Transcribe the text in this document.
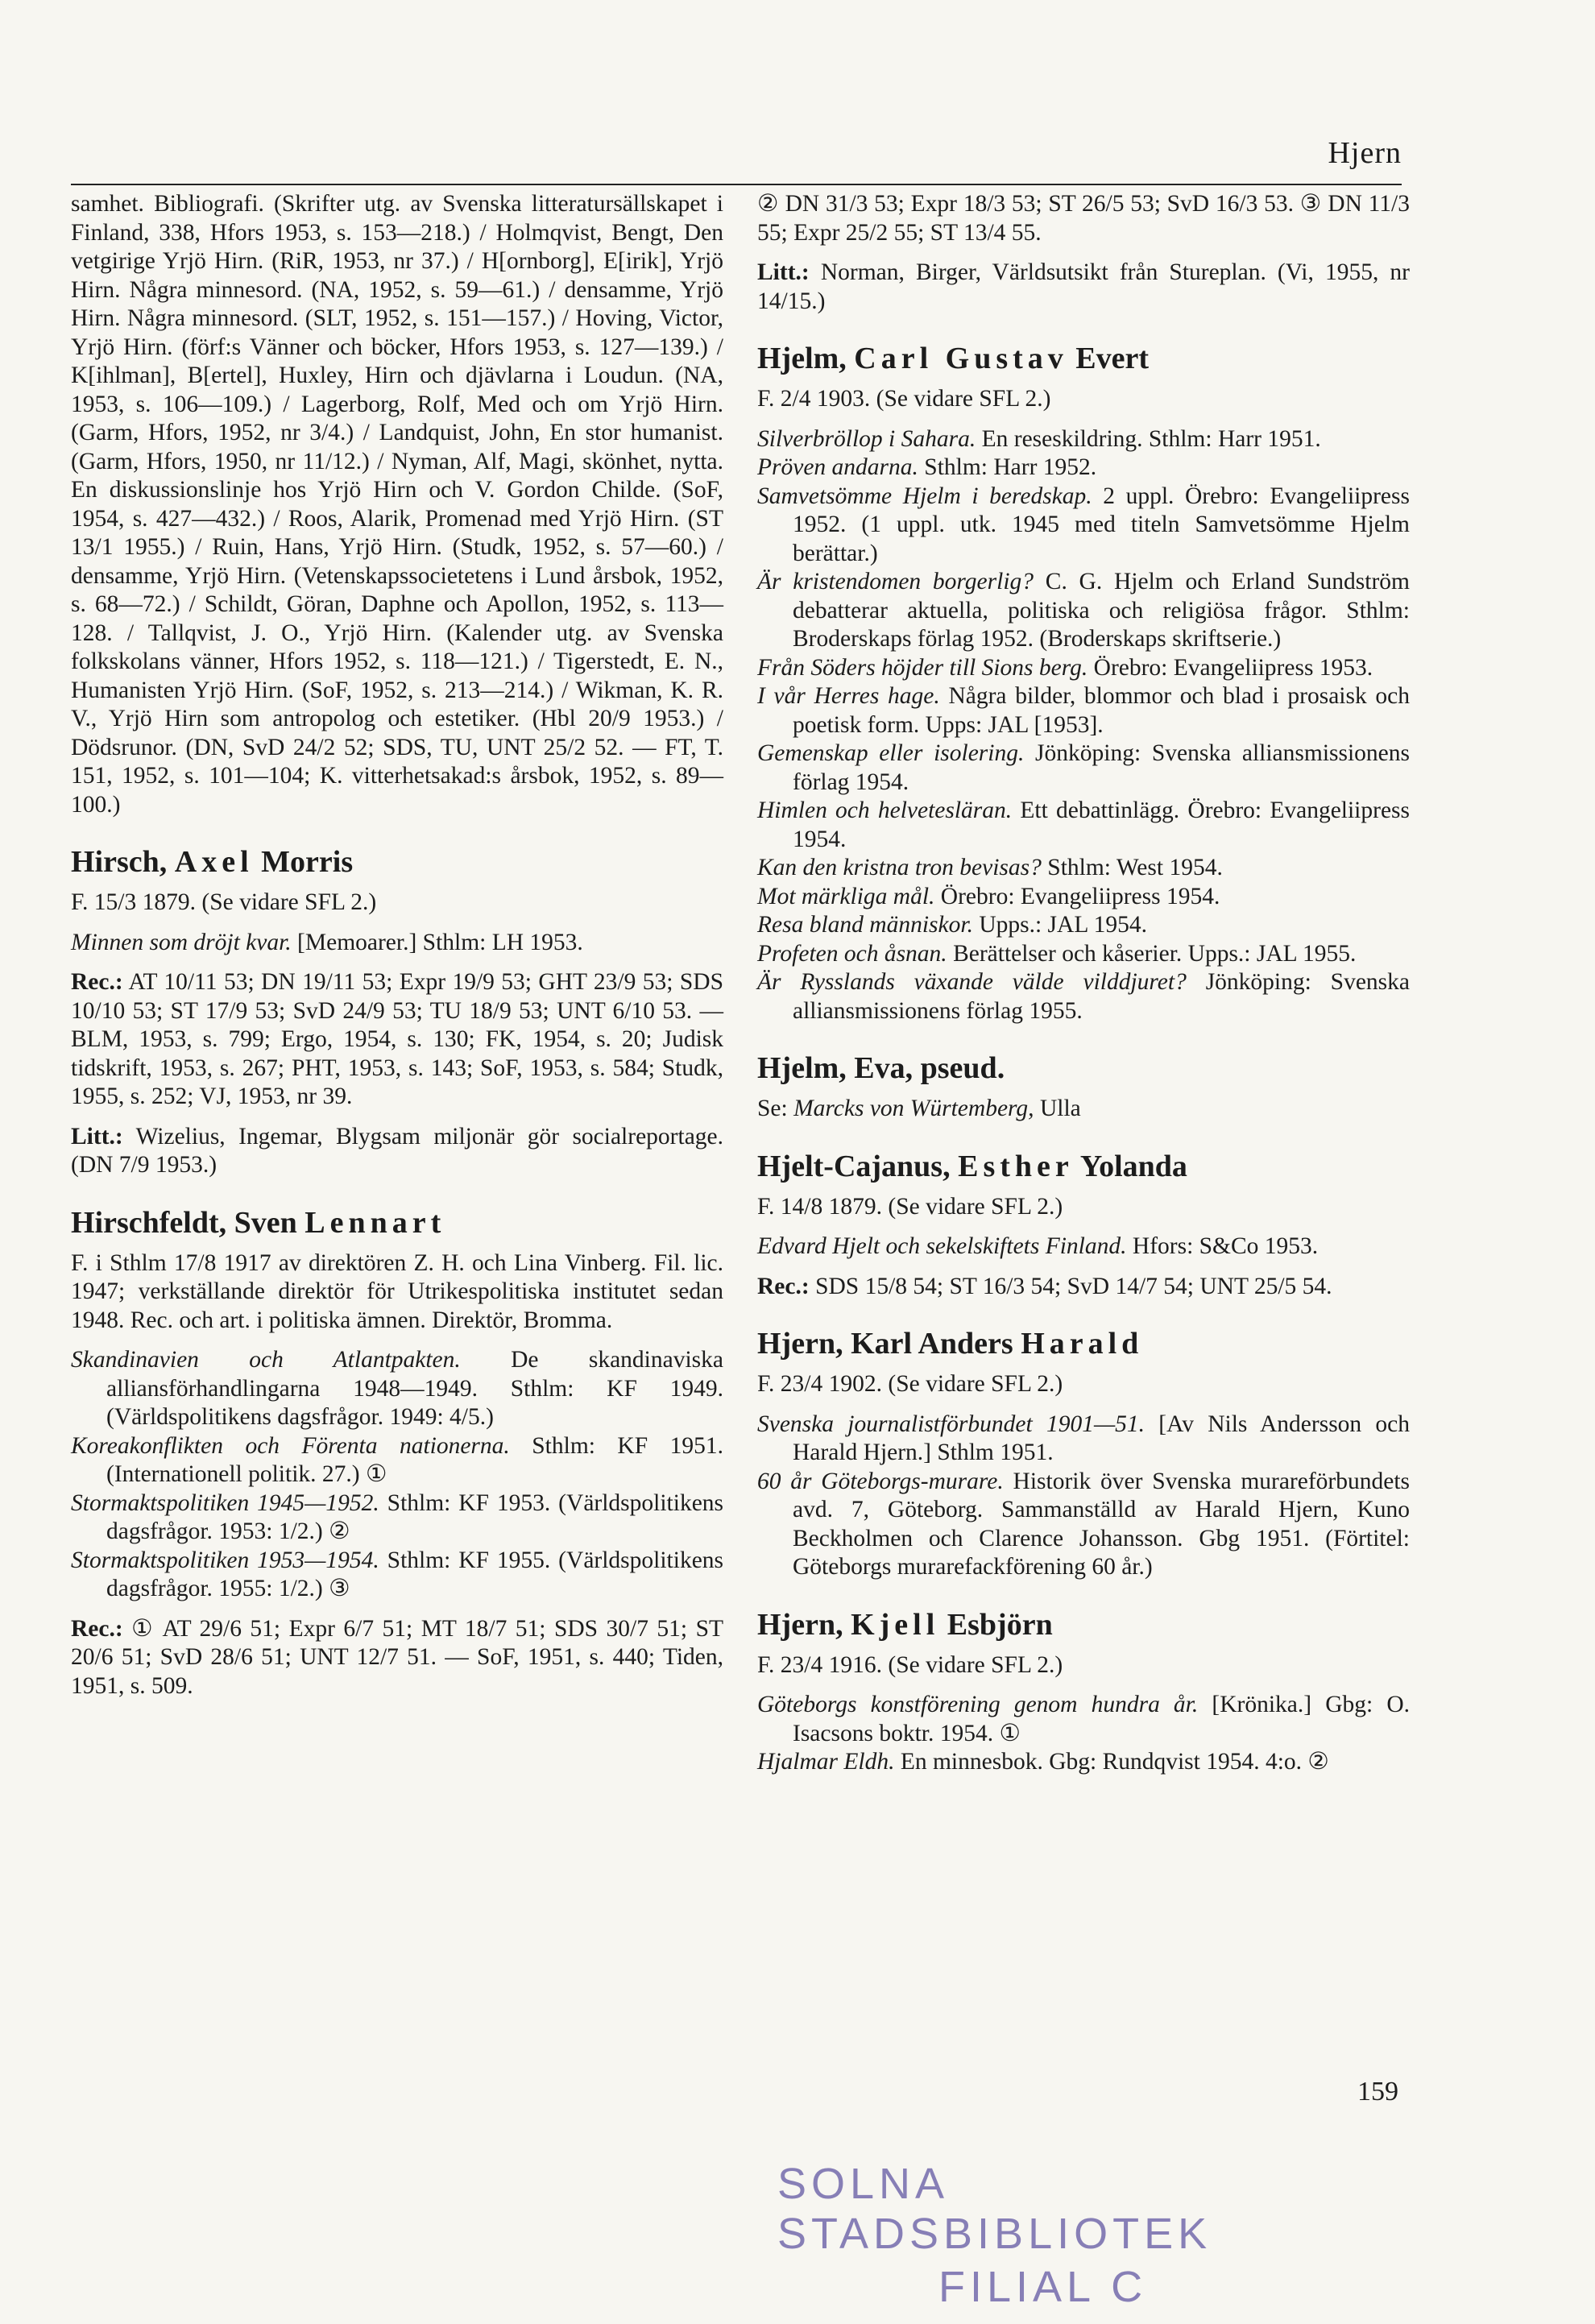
Hjern

samhet. Bibliografi. (Skrifter utg. av Svenska litteratursällskapet i Finland, 338, Hfors 1953, s. 153—218.) / Holmqvist, Bengt, Den vetgirige Yrjö Hirn. (RiR, 1953, nr 37.) / H[ornborg], E[irik], Yrjö Hirn. Några minnesord. (NA, 1952, s. 59—61.) / densamme, Yrjö Hirn. Några minnesord. (SLT, 1952, s. 151—157.) / Hoving, Victor, Yrjö Hirn. (förf:s Vänner och böcker, Hfors 1953, s. 127—139.) / K[ihlman], B[ertel], Huxley, Hirn och djävlarna i Loudun. (NA, 1953, s. 106—109.) / Lagerborg, Rolf, Med och om Yrjö Hirn. (Garm, Hfors, 1952, nr 3/4.) / Landquist, John, En stor humanist. (Garm, Hfors, 1950, nr 11/12.) / Nyman, Alf, Magi, skönhet, nytta. En diskussionslinje hos Yrjö Hirn och V. Gordon Childe. (SoF, 1954, s. 427—432.) / Roos, Alarik, Promenad med Yrjö Hirn. (ST 13/1 1955.) / Ruin, Hans, Yrjö Hirn. (Studk, 1952, s. 57—60.) / densamme, Yrjö Hirn. (Vetenskapssocietetens i Lund årsbok, 1952, s. 68—72.) / Schildt, Göran, Daphne och Apollon, 1952, s. 113—128. / Tallqvist, J. O., Yrjö Hirn. (Kalender utg. av Svenska folkskolans vänner, Hfors 1952, s. 118—121.) / Tigerstedt, E. N., Humanisten Yrjö Hirn. (SoF, 1952, s. 213—214.) / Wikman, K. R. V., Yrjö Hirn som antropolog och estetiker. (Hbl 20/9 1953.) / Dödsrunor. (DN, SvD 24/2 52; SDS, TU, UNT 25/2 52. — FT, T. 151, 1952, s. 101—104; K. vitterhetsakad:s årsbok, 1952, s. 89—100.)

Hirsch, Axel Morris

F. 15/3 1879. (Se vidare SFL 2.)

Minnen som dröjt kvar. [Memoarer.] Sthlm: LH 1953.

Rec.: AT 10/11 53; DN 19/11 53; Expr 19/9 53; GHT 23/9 53; SDS 10/10 53; ST 17/9 53; SvD 24/9 53; TU 18/9 53; UNT 6/10 53. — BLM, 1953, s. 799; Ergo, 1954, s. 130; FK, 1954, s. 20; Judisk tidskrift, 1953, s. 267; PHT, 1953, s. 143; SoF, 1953, s. 584; Studk, 1955, s. 252; VJ, 1953, nr 39.

Litt.: Wizelius, Ingemar, Blygsam miljonär gör socialreportage. (DN 7/9 1953.)

Hirschfeldt, Sven Lennart

F. i Sthlm 17/8 1917 av direktören Z. H. och Lina Vinberg. Fil. lic. 1947; verkställande direktör för Utrikespolitiska institutet sedan 1948. Rec. och art. i politiska ämnen. Direktör, Bromma.

Skandinavien och Atlantpakten. De skandinaviska alliansförhandlingarna 1948—1949. Sthlm: KF 1949. (Världspolitikens dagsfrågor. 1949: 4/5.)

Koreakonflikten och Förenta nationerna. Sthlm: KF 1951. (Internationell politik. 27.) ①

Stormaktspolitiken 1945—1952. Sthlm: KF 1953. (Världspolitikens dagsfrågor. 1953: 1/2.) ②

Stormaktspolitiken 1953—1954. Sthlm: KF 1955. (Världspolitikens dagsfrågor. 1955: 1/2.) ③

Rec.: ① AT 29/6 51; Expr 6/7 51; MT 18/7 51; SDS 30/7 51; ST 20/6 51; SvD 28/6 51; UNT 12/7 51. — SoF, 1951, s. 440; Tiden, 1951, s. 509.

② DN 31/3 53; Expr 18/3 53; ST 26/5 53; SvD 16/3 53. ③ DN 11/3 55; Expr 25/2 55; ST 13/4 55.

Litt.: Norman, Birger, Världsutsikt från Stureplan. (Vi, 1955, nr 14/15.)

Hjelm, Carl Gustav Evert

F. 2/4 1903. (Se vidare SFL 2.)

Silverbröllop i Sahara. En reseskildring. Sthlm: Harr 1951.

Pröven andarna. Sthlm: Harr 1952.

Samvetsömme Hjelm i beredskap. 2 uppl. Örebro: Evangeliipress 1952. (1 uppl. utk. 1945 med titeln Samvetsömme Hjelm berättar.)

Är kristendomen borgerlig? C. G. Hjelm och Erland Sundström debatterar aktuella, politiska och religiösa frågor. Sthlm: Broderskaps förlag 1952. (Broderskaps skriftserie.)

Från Söders höjder till Sions berg. Örebro: Evangeliipress 1953.

I vår Herres hage. Några bilder, blommor och blad i prosaisk och poetisk form. Upps: JAL [1953].

Gemenskap eller isolering. Jönköping: Svenska alliansmissionens förlag 1954.

Himlen och helvetesläran. Ett debattinlägg. Örebro: Evangeliipress 1954.

Kan den kristna tron bevisas? Sthlm: West 1954.

Mot märkliga mål. Örebro: Evangeliipress 1954.

Resa bland människor. Upps.: JAL 1954.

Profeten och åsnan. Berättelser och kåserier. Upps.: JAL 1955.

Är Rysslands växande välde vilddjuret? Jönköping: Svenska alliansmissionens förlag 1955.

Hjelm, Eva, pseud.

Se: Marcks von Würtemberg, Ulla

Hjelt-Cajanus, Esther Yolanda

F. 14/8 1879. (Se vidare SFL 2.)

Edvard Hjelt och sekelskiftets Finland. Hfors: S&Co 1953.

Rec.: SDS 15/8 54; ST 16/3 54; SvD 14/7 54; UNT 25/5 54.

Hjern, Karl Anders Harald

F. 23/4 1902. (Se vidare SFL 2.)

Svenska journalistförbundet 1901—51. [Av Nils Andersson och Harald Hjern.] Sthlm 1951.

60 år Göteborgs-murare. Historik över Svenska murareförbundets avd. 7, Göteborg. Sammanställd av Harald Hjern, Kuno Beckholmen och Clarence Johansson. Gbg 1951. (Förtitel: Göteborgs murarefackförening 60 år.)

Hjern, Kjell Esbjörn

F. 23/4 1916. (Se vidare SFL 2.)

Göteborgs konstförening genom hundra år. [Krönika.] Gbg: O. Isacsons boktr. 1954. ①

Hjalmar Eldh. En minnesbok. Gbg: Rundqvist 1954. 4:o. ②

159
SOLNA STADSBIBLIOTEK
FILIAL C
